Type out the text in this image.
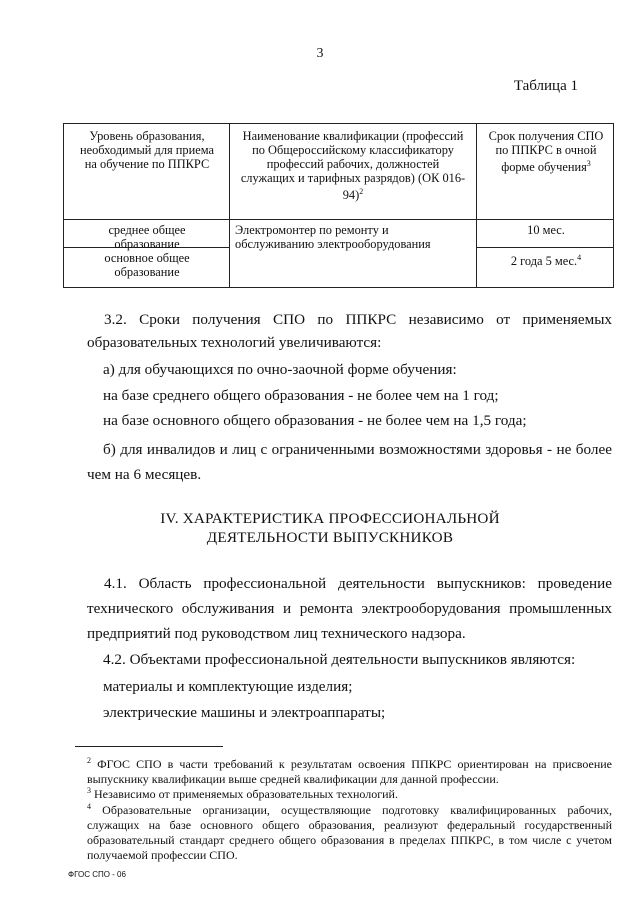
3
Таблица 1
Уровень образования, необходимый для приема на обучение по ППКРС
Наименование квалификации (профессий по Общероссийскому классификатору профессий рабочих, должностей служащих и тарифных разрядов) (ОК 016-94)$^2$
Срок получения СПО по ППКРС в очной форме обучения$^3$
среднее общее образование
Электромонтер по ремонту и обслуживанию электрооборудования
10 мес.
основное общее образование
2 года 5 мес.$^4$
3.2. Сроки получения СПО по ППКРС независимо от применяемых образовательных технологий увеличиваются:
а) для обучающихся по очно-заочной форме обучения:
на базе среднего общего образования - не более чем на 1 год;
на базе основного общего образования - не более чем на 1,5 года;
б) для инвалидов и лиц с ограниченными возможностями здоровья - не более чем на 6 месяцев.
IV. ХАРАКТЕРИСТИКА ПРОФЕССИОНАЛЬНОЙ
ДЕЯТЕЛЬНОСТИ ВЫПУСКНИКОВ
4.1. Область профессиональной деятельности выпускников: проведение технического обслуживания и ремонта электрооборудования промышленных предприятий под руководством лиц технического надзора.
4.2. Объектами профессиональной деятельности выпускников являются:
материалы и комплектующие изделия;
электрические машины и электроаппараты;
$^2$ ФГОС СПО в части требований к результатам освоения ППКРС ориентирован на присвоение выпускнику квалификации выше средней квалификации для данной профессии.
$^3$ Независимо от применяемых образовательных технологий.
$^4$ Образовательные организации, осуществляющие подготовку квалифицированных рабочих, служащих на базе основного общего образования, реализуют федеральный государственный образовательный стандарт среднего общего образования в пределах ППКРС, в том числе с учетом получаемой профессии СПО.
ФГОС СПО - 06
